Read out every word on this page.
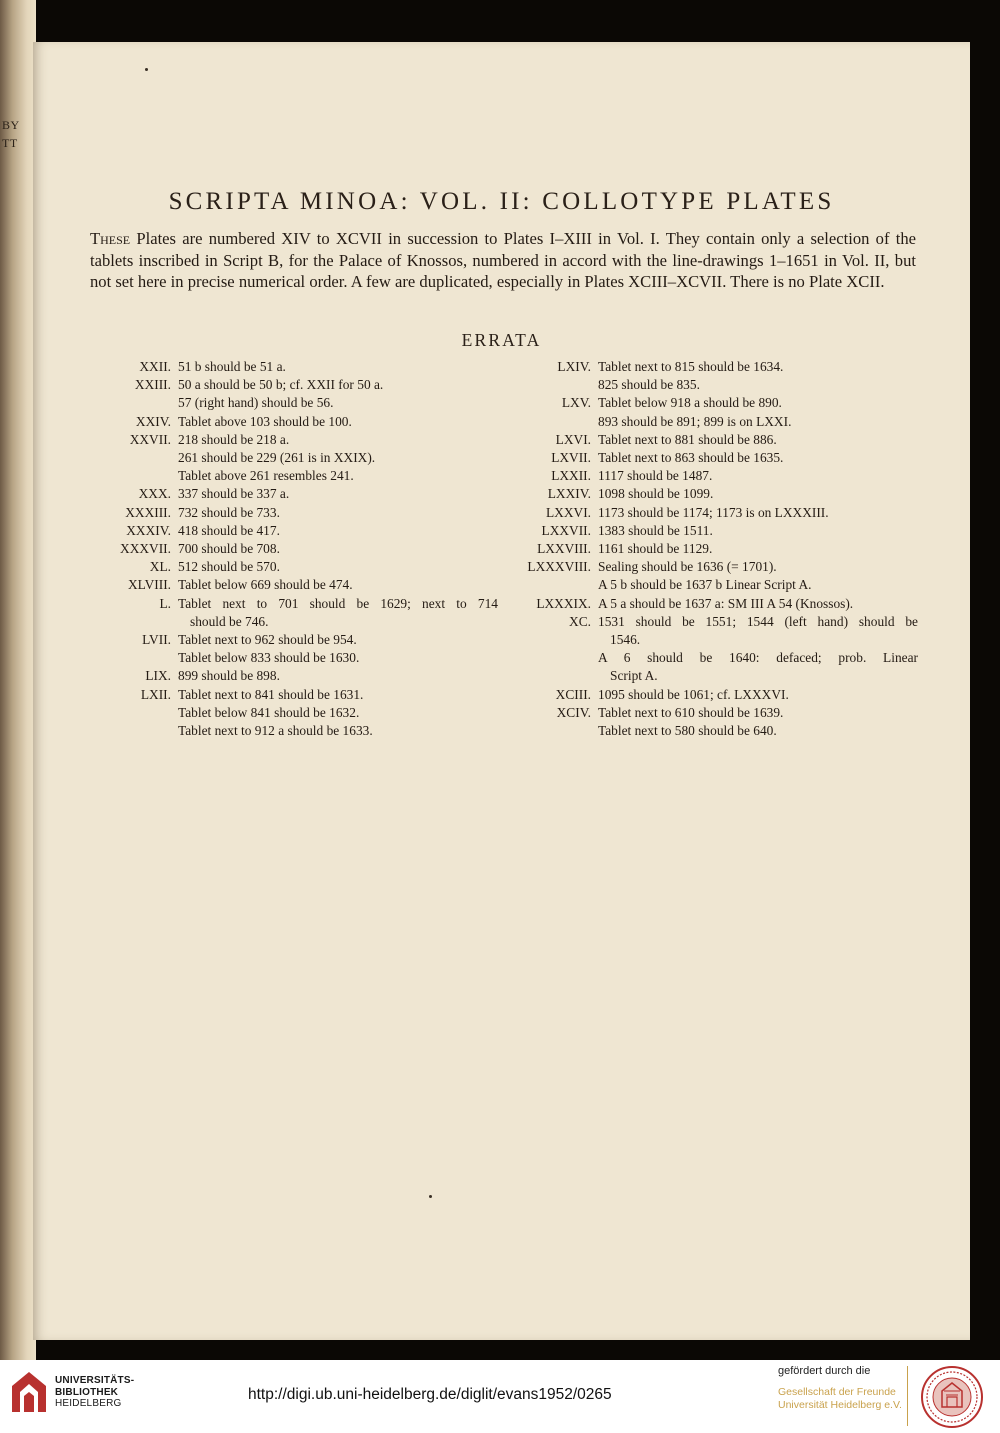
BY
TT
SCRIPTA MINOA: VOL. II: COLLOTYPE PLATES

These Plates are numbered XIV to XCVII in succession to Plates I–XIII in Vol. I. They contain only a selection of the tablets inscribed in Script B, for the Palace of Knossos, numbered in accord with the line-drawings 1–1651 in Vol. II, but not set here in precise numerical order. A few are duplicated, especially in Plates XCIII–XCVII. There is no Plate XCII.

ERRATA
XXII. 51 b should be 51 a.
XXIII. 50 a should be 50 b; cf. XXII for 50 a.
57 (right hand) should be 56.
XXIV. Tablet above 103 should be 100.
XXVII. 218 should be 218 a.
261 should be 229 (261 is in XXIX).
Tablet above 261 resembles 241.
XXX. 337 should be 337 a.
XXXIII. 732 should be 733.
XXXIV. 418 should be 417.
XXXVII. 700 should be 708.
XL. 512 should be 570.
XLVIII. Tablet below 669 should be 474.
L. Tablet next to 701 should be 1629; next to 714
should be 746.
LVII. Tablet next to 962 should be 954.
Tablet below 833 should be 1630.
LIX. 899 should be 898.
LXII. Tablet next to 841 should be 1631.
Tablet below 841 should be 1632.
Tablet next to 912 a should be 1633.
LXIV. Tablet next to 815 should be 1634.
825 should be 835.
LXV. Tablet below 918 a should be 890.
893 should be 891; 899 is on LXXI.
LXVI. Tablet next to 881 should be 886.
LXVII. Tablet next to 863 should be 1635.
LXXII. 1117 should be 1487.
LXXIV. 1098 should be 1099.
LXXVI. 1173 should be 1174; 1173 is on LXXXIII.
LXXVII. 1383 should be 1511.
LXXVIII. 1161 should be 1129.
LXXXVIII. Sealing should be 1636 (= 1701).
A 5 b should be 1637 b Linear Script A.
LXXXIX. A 5 a should be 1637 a: SM III A 54 (Knossos).
XC. 1531 should be 1551; 1544 (left hand) should be
1546.
A 6 should be 1640: defaced; prob. Linear
Script A.
XCIII. 1095 should be 1061; cf. LXXXVI.
XCIV. Tablet next to 610 should be 1639.
Tablet next to 580 should be 640.
UNIVERSITÄTS-
BIBLIOTHEK
HEIDELBERG
http://digi.ub.uni-heidelberg.de/diglit/evans1952/0265
gefördert durch die
Gesellschaft der Freunde
Universität Heidelberg e.V.
